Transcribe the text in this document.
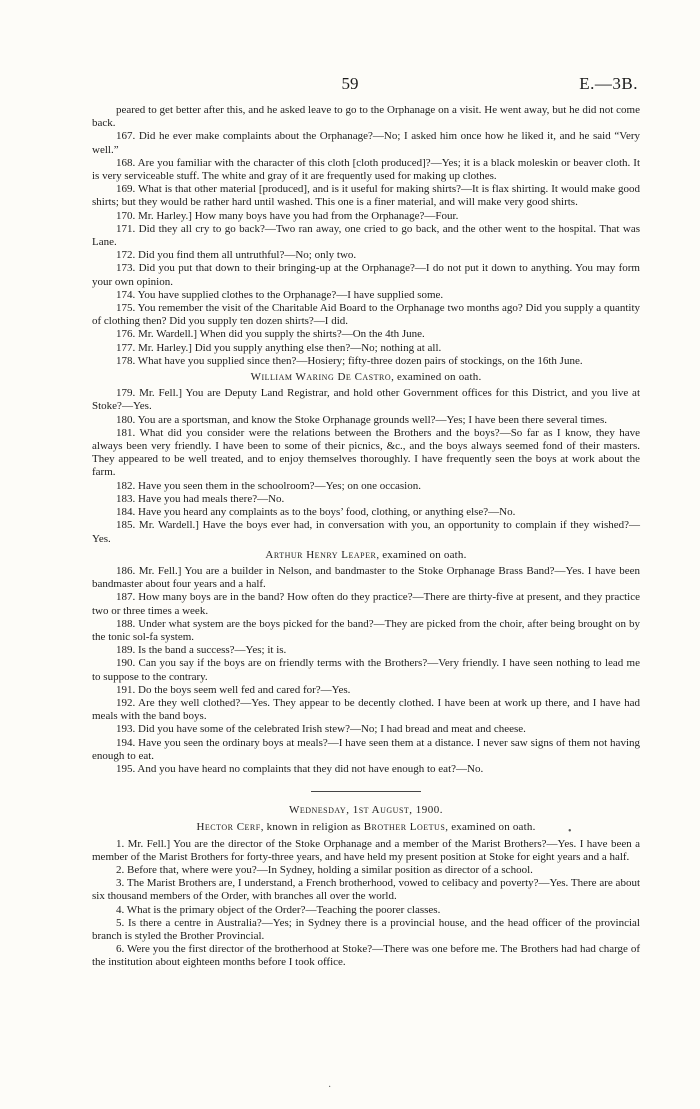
59	E.—3B.

peared to get better after this, and he asked leave to go to the Orphanage on a visit. He went away, but he did not come back.

167. Did he ever make complaints about the Orphanage?—No; I asked him once how he liked it, and he said “Very well.”

168. Are you familiar with the character of this cloth [cloth produced]?—Yes; it is a black moleskin or beaver cloth. It is very serviceable stuff. The white and gray of it are frequently used for making up clothes.

169. What is that other material [produced], and is it useful for making shirts?—It is flax shirting. It would make good shirts; but they would be rather hard until washed. This one is a finer material, and will make very good shirts.

170. Mr. Harley.] How many boys have you had from the Orphanage?—Four.

171. Did they all cry to go back?—Two ran away, one cried to go back, and the other went to the hospital. That was Lane.

172. Did you find them all untruthful?—No; only two.

173. Did you put that down to their bringing-up at the Orphanage?—I do not put it down to anything. You may form your own opinion.

174. You have supplied clothes to the Orphanage?—I have supplied some.

175. You remember the visit of the Charitable Aid Board to the Orphanage two months ago? Did you supply a quantity of clothing then? Did you supply ten dozen shirts?—I did.

176. Mr. Wardell.] When did you supply the shirts?—On the 4th June.

177. Mr. Harley.] Did you supply anything else then?—No; nothing at all.

178. What have you supplied since then?—Hosiery; fifty-three dozen pairs of stockings, on the 16th June.

William Waring De Castro, examined on oath.

179. Mr. Fell.] You are Deputy Land Registrar, and hold other Government offices for this District, and you live at Stoke?—Yes.

180. You are a sportsman, and know the Stoke Orphanage grounds well?—Yes; I have been there several times.

181. What did you consider were the relations between the Brothers and the boys?—So far as I know, they have always been very friendly. I have been to some of their picnics, &c., and the boys always seemed fond of their masters. They appeared to be well treated, and to enjoy themselves thoroughly. I have frequently seen the boys at work about the farm.

182. Have you seen them in the schoolroom?—Yes; on one occasion.

183. Have you had meals there?—No.

184. Have you heard any complaints as to the boys’ food, clothing, or anything else?—No.

185. Mr. Wardell.] Have the boys ever had, in conversation with you, an opportunity to complain if they wished?—Yes.

Arthur Henry Leaper, examined on oath.

186. Mr. Fell.] You are a builder in Nelson, and bandmaster to the Stoke Orphanage Brass Band?—Yes. I have been bandmaster about four years and a half.

187. How many boys are in the band? How often do they practice?—There are thirty-five at present, and they practice two or three times a week.

188. Under what system are the boys picked for the band?—They are picked from the choir, after being brought on by the tonic sol-fa system.

189. Is the band a success?—Yes; it is.

190. Can you say if the boys are on friendly terms with the Brothers?—Very friendly. I have seen nothing to lead me to suppose to the contrary.

191. Do the boys seem well fed and cared for?—Yes.

192. Are they well clothed?—Yes. They appear to be decently clothed. I have been at work up there, and I have had meals with the band boys.

193. Did you have some of the celebrated Irish stew?—No; I had bread and meat and cheese.

194. Have you seen the ordinary boys at meals?—I have seen them at a distance. I never saw signs of them not having enough to eat.

195. And you have heard no complaints that they did not have enough to eat?—No.

Wednesday, 1st August, 1900.

Hector Cerf, known in religion as Brother Loetus, examined on oath.

1. Mr. Fell.] You are the director of the Stoke Orphanage and a member of the Marist Brothers?—Yes. I have been a member of the Marist Brothers for forty-three years, and have held my present position at Stoke for eight years and a half.

2. Before that, where were you?—In Sydney, holding a similar position as director of a school.

3. The Marist Brothers are, I understand, a French brotherhood, vowed to celibacy and poverty?—Yes. There are about six thousand members of the Order, with branches all over the world.

4. What is the primary object of the Order?—Teaching the poorer classes.

5. Is there a centre in Australia?—Yes; in Sydney there is a provincial house, and the head officer of the provincial branch is styled the Brother Provincial.

6. Were you the first director of the brotherhood at Stoke?—There was one before me. The Brothers had had charge of the institution about eighteen months before I took office.

•
·
